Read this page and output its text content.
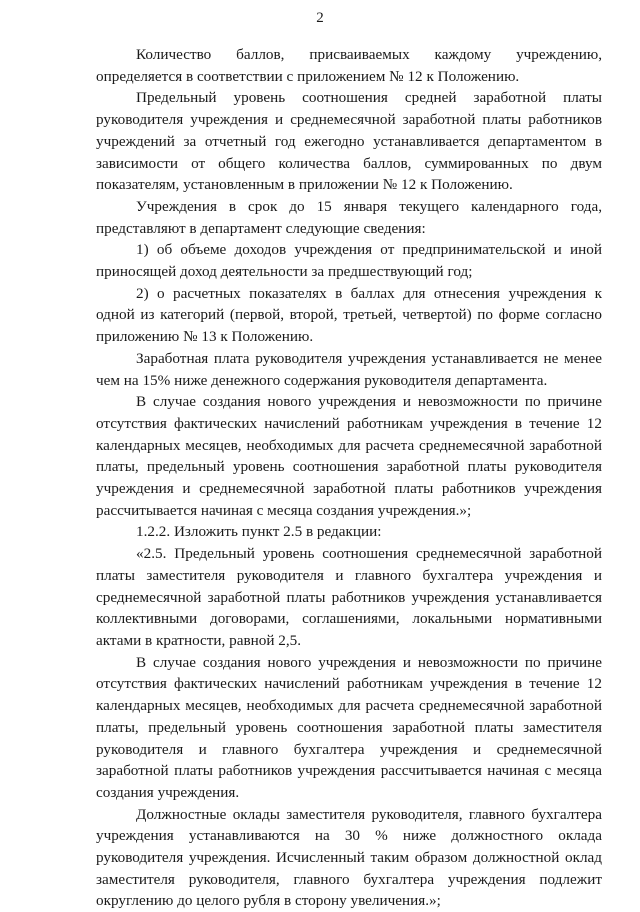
2

Количество баллов, присваиваемых каждому учреждению, определяется в соответствии с приложением № 12 к Положению.

Предельный уровень соотношения средней заработной платы руководителя учреждения и среднемесячной заработной платы работников учреждений за отчетный год ежегодно устанавливается департаментом в зависимости от общего количества баллов, суммированных по двум показателям, установленным в приложении № 12 к Положению.

Учреждения в срок до 15 января текущего календарного года, представляют в департамент следующие сведения:

1) об объеме доходов учреждения от предпринимательской и иной приносящей доход деятельности за предшествующий год;

2) о расчетных показателях в баллах для отнесения учреждения к одной из категорий (первой, второй, третьей, четвертой) по форме согласно приложению № 13 к Положению.

Заработная плата руководителя учреждения устанавливается не менее чем на 15% ниже денежного содержания руководителя департамента.

В случае создания нового учреждения и невозможности по причине отсутствия фактических начислений работникам учреждения в течение 12 календарных месяцев, необходимых для расчета среднемесячной заработной платы, предельный уровень соотношения заработной платы руководителя учреждения и среднемесячной заработной платы работников учреждения рассчитывается начиная с месяца создания учреждения.»;

1.2.2. Изложить пункт 2.5 в редакции:

«2.5. Предельный уровень соотношения среднемесячной заработной платы заместителя руководителя и главного бухгалтера учреждения и среднемесячной заработной платы работников учреждения устанавливается коллективными договорами, соглашениями, локальными нормативными актами в кратности, равной 2,5.

В случае создания нового учреждения и невозможности по причине отсутствия фактических начислений работникам учреждения в течение 12 календарных месяцев, необходимых для расчета среднемесячной заработной платы, предельный уровень соотношения заработной платы заместителя руководителя и главного бухгалтера учреждения и среднемесячной заработной платы работников учреждения рассчитывается начиная с месяца создания учреждения.

Должностные оклады заместителя руководителя, главного бухгалтера учреждения устанавливаются на 30 % ниже должностного оклада руководителя учреждения. Исчисленный таким образом должностной оклад заместителя руководителя, главного бухгалтера учреждения подлежит округлению до целого рубля в сторону увеличения.»;
